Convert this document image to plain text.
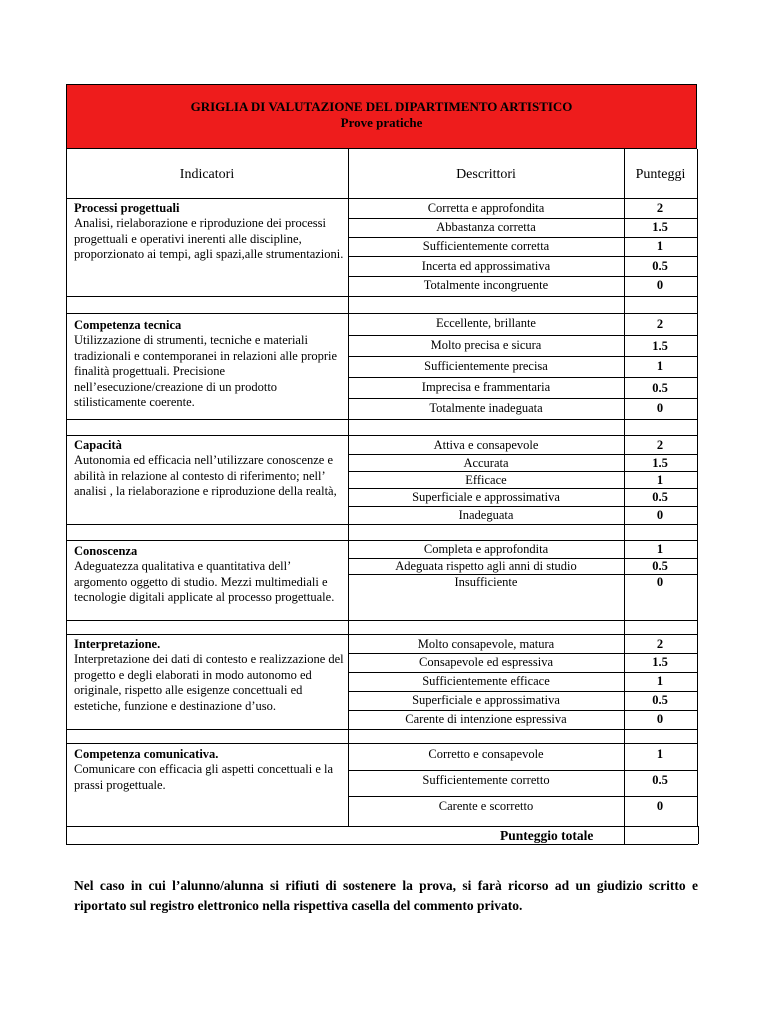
GRIGLIA DI VALUTAZIONE DEL DIPARTIMENTO ARTISTICO
Prove pratiche
Indicatori	Descrittori	Punteggi
Processi progettuali
Analisi, rielaborazione e riproduzione dei processi progettuali e operativi inerenti alle discipline, proporzionato ai tempi, agli spazi,alle strumentazioni.
Corretta e approfondita	2
Abbastanza corretta	1.5
Sufficientemente corretta	1
Incerta ed approssimativa	0.5
Totalmente incongruente	0
Competenza tecnica
Utilizzazione di strumenti, tecniche e materiali tradizionali e contemporanei in relazioni alle proprie finalità progettuali. Precisione nell’esecuzione/creazione di un prodotto stilisticamente coerente.
Eccellente, brillante	2
Molto precisa e sicura	1.5
Sufficientemente precisa	1
Imprecisa e frammentaria	0.5
Totalmente inadeguata	0
Capacità
Autonomia ed efficacia nell’utilizzare conoscenze e abilità in relazione al contesto di riferimento; nell’ analisi , la rielaborazione e riproduzione della realtà,
Attiva e consapevole	2
Accurata	1.5
Efficace	1
Superficiale e approssimativa	0.5
Inadeguata	0
Conoscenza
Adeguatezza qualitativa e quantitativa dell’ argomento oggetto di studio. Mezzi multimediali e tecnologie digitali applicate al processo progettuale.
Completa e approfondita	1
Adeguata rispetto agli anni di studio	0.5
Insufficiente	0
Interpretazione.
Interpretazione dei dati di contesto e realizzazione del progetto e degli elaborati in modo autonomo ed originale, rispetto alle esigenze concettuali ed estetiche, funzione e destinazione d’uso.
Molto consapevole, matura	2
Consapevole ed espressiva	1.5
Sufficientemente efficace	1
Superficiale e approssimativa	0.5
Carente di intenzione espressiva	0
Competenza comunicativa.
Comunicare con efficacia gli aspetti concettuali e la prassi progettuale.
Corretto e consapevole	1
Sufficientemente corretto	0.5
Carente e scorretto	0
Punteggio totale
Nel caso in cui l’alunno/alunna si rifiuti di sostenere la prova, si farà ricorso ad un giudizio scritto e riportato sul registro elettronico nella rispettiva casella del commento privato.
